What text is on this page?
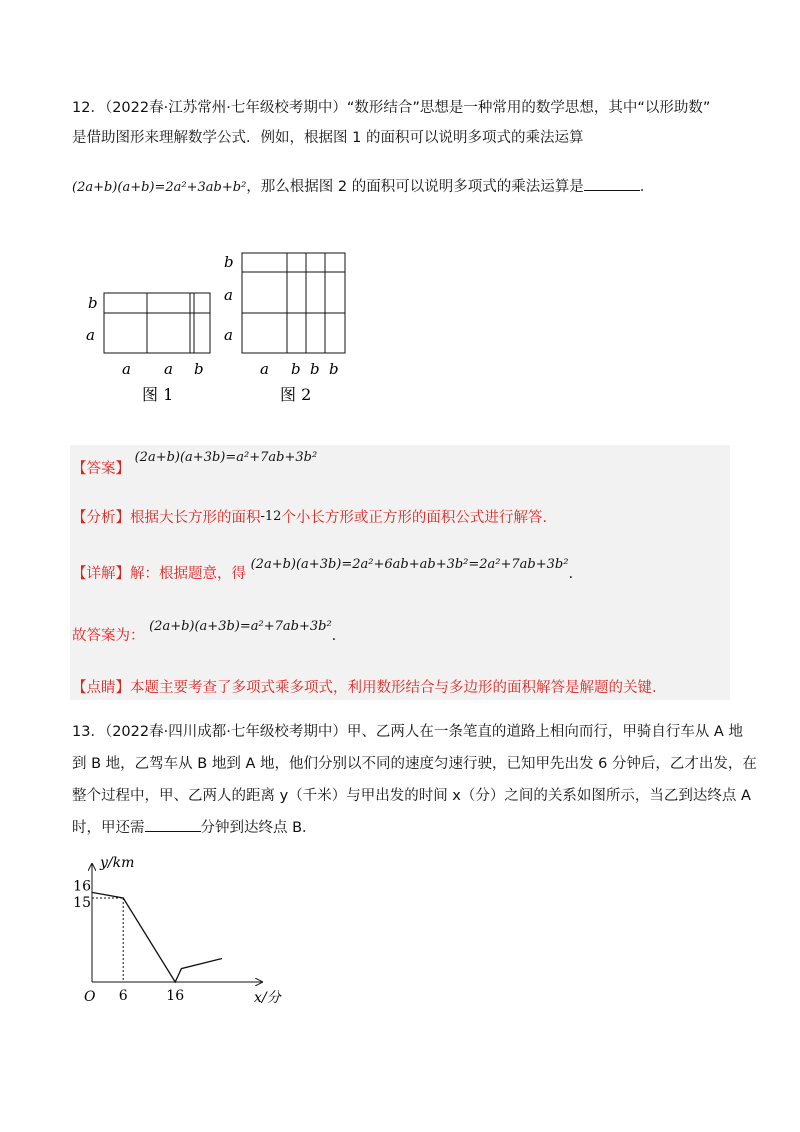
12．（2022春·江苏常州·七年级校考期中）“数形结合”思想是一种常用的数学思想，其中“以形助数”
是借助图形来理解数学公式．例如，根据图 1 的面积可以说明多项式的乘法运算
(2a+b)(a+b)=2a²+3ab+b²，那么根据图 2 的面积可以说明多项式的乘法运算是	．
b
a
a a b
图 1
b
a
a
a b b b
图 2
【答案】 (2a+b)(a+3b)=a²+7ab+3b²
【分析】根据大长方形的面积-12个小长方形或正方形的面积公式进行解答.
【详解】解：根据题意，得 (2a+b)(a+3b)=2a²+6ab+ab+3b²=2a²+7ab+3b².
故答案为： (2a+b)(a+3b)=a²+7ab+3b².
【点睛】本题主要考查了多项式乘多项式，利用数形结合与多边形的面积解答是解题的关键.
13．（2022春·四川成都·七年级校考期中）甲、乙两人在一条笔直的道路上相向而行，甲骑自行车从 A 地
到 B 地，乙驾车从 B 地到 A 地，他们分别以不同的速度匀速行驶，已知甲先出发 6 分钟后，乙才出发，在
整个过程中，甲、乙两人的距离 y（千米）与甲出发的时间 x（分）之间的关系如图所示，当乙到达终点 A
时，甲还需	分钟到达终点 B．
y/km
x/分
O 6	16
16
15
